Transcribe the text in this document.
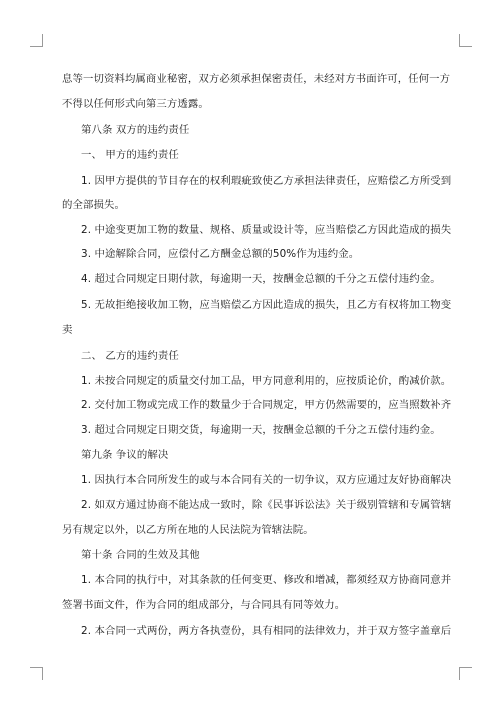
息等一切资料均属商业秘密，双方必须承担保密责任，未经对方书面许可，任何一方
不得以任何形式向第三方透露。
第八条 双方的违约责任
一、 甲方的违约责任
1. 因甲方提供的节目存在的权利瑕疵致使乙方承担法律责任，应赔偿乙方所受到
的全部损失。
2. 中途变更加工物的数量、规格、质量或设计等，应当赔偿乙方因此造成的损失
3. 中途解除合同，应偿付乙方酬金总额的50%作为违约金。
4. 超过合同规定日期付款，每逾期一天，按酬金总额的千分之五偿付违约金。
5. 无故拒绝接收加工物，应当赔偿乙方因此造成的损失，且乙方有权将加工物变
卖
二、 乙方的违约责任
1. 未按合同规定的质量交付加工品，甲方同意利用的，应按质论价，酌减价款。
2. 交付加工物或完成工作的数量少于合同规定，甲方仍然需要的，应当照数补齐
3. 超过合同规定日期交货，每逾期一天，按酬金总额的千分之五偿付违约金。
第九条 争议的解决
1. 因执行本合同所发生的或与本合同有关的一切争议，双方应通过友好协商解决
2. 如双方通过协商不能达成一致时，除《民事诉讼法》关于级别管辖和专属管辖
另有规定以外，以乙方所在地的人民法院为管辖法院。
第十条 合同的生效及其他
1. 本合同的执行中，对其条款的任何变更、修改和增减，都须经双方协商同意并
签署书面文件，作为合同的组成部分，与合同具有同等效力。
2. 本合同一式两份，两方各执壹份，具有相同的法律效力，并于双方签字盖章后
